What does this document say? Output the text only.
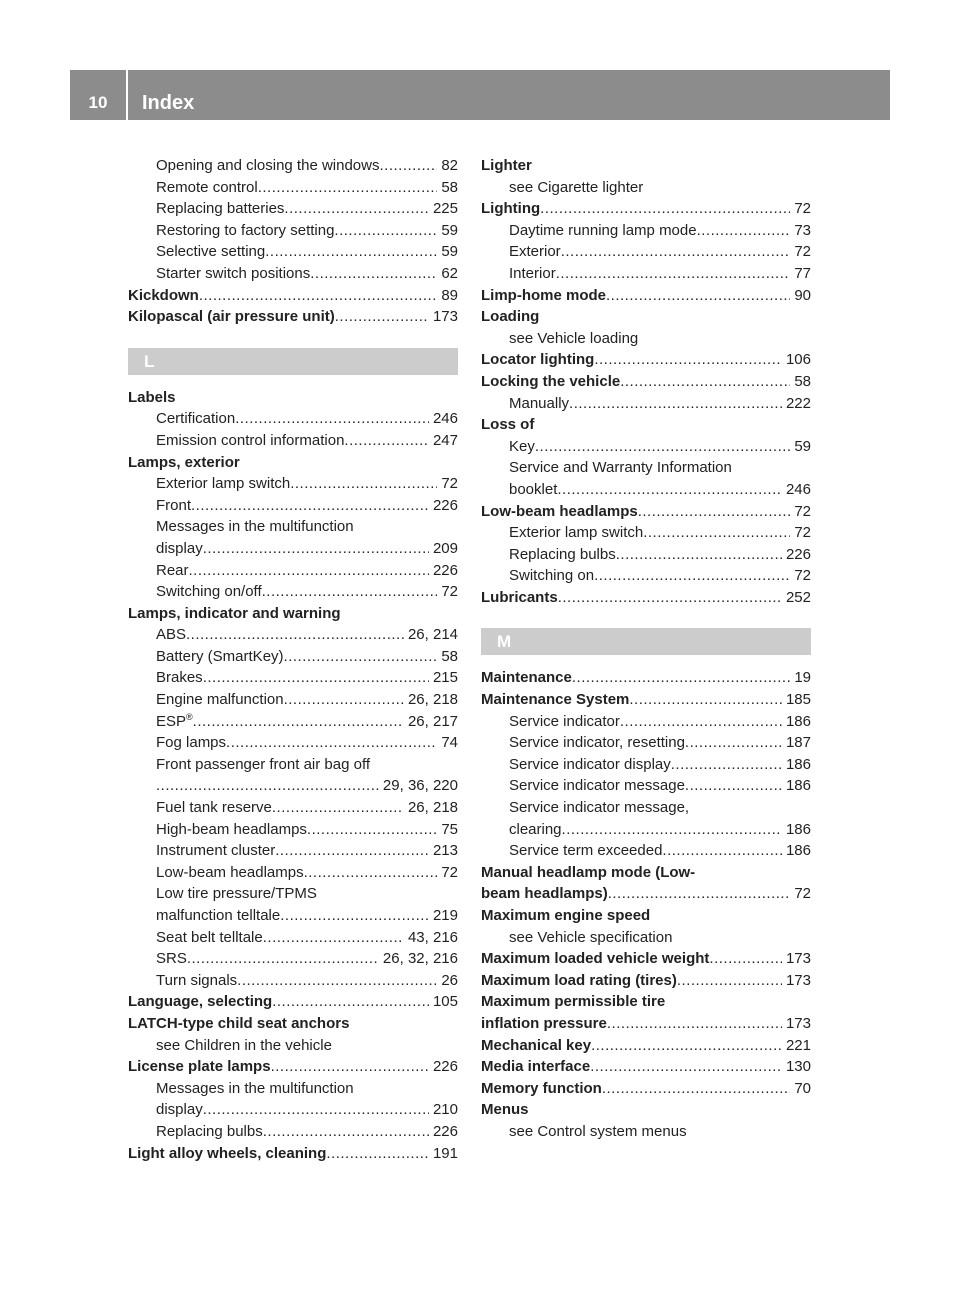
10	Index
Opening and closing the windows .....	82
Remote control .....	58
Replacing batteries .....	225
Restoring to factory setting .....	59
Selective setting .....	59
Starter switch positions .....	62
Kickdown .....	89
Kilopascal (air pressure unit) .....	173
L
Labels
Certification .....	246
Emission control information .....	247
Lamps, exterior
Exterior lamp switch .....	72
Front .....	226
Messages in the multifunction
display .....	209
Rear .....	226
Switching on/off .....	72
Lamps, indicator and warning
ABS .....	26, 214
Battery (SmartKey) .....	58
Brakes .....	215
Engine malfunction .....	26, 218
ESP® .....	26, 217
Fog lamps .....	74
Front passenger front air bag off
.....
29, 36, 220
Fuel tank reserve .....	26, 218
High-beam headlamps .....	75
Instrument cluster .....	213
Low-beam headlamps .....	72
Low tire pressure/TPMS
malfunction telltale .....	219
Seat belt telltale .....	43, 216
SRS .....	26, 32, 216
Turn signals .....	26
Language, selecting .....	105
LATCH-type child seat anchors
see Children in the vehicle
License plate lamps .....	226
Messages in the multifunction
display .....	210
Replacing bulbs .....	226
Light alloy wheels, cleaning .....	191
Lighter
see Cigarette lighter
Lighting .....	72
Daytime running lamp mode .....	73
Exterior .....	72
Interior .....	77
Limp-home mode .....	90
Loading
see Vehicle loading
Locator lighting .....	106
Locking the vehicle .....	58
Manually .....	222
Loss of
Key .....	59
Service and Warranty Information
booklet .....	246
Low-beam headlamps .....	72
Exterior lamp switch .....	72
Replacing bulbs .....	226
Switching on .....	72
Lubricants .....	252
M
Maintenance .....	19
Maintenance System .....	185
Service indicator .....	186
Service indicator, resetting .....	187
Service indicator display .....	186
Service indicator message .....	186
Service indicator message,
clearing .....	186
Service term exceeded .....	186
Manual headlamp mode (Low-
beam headlamps) .....	72
Maximum engine speed
see Vehicle specification
Maximum loaded vehicle weight .....	173
Maximum load rating (tires) .....	173
Maximum permissible tire
inflation pressure .....	173
Mechanical key .....	221
Media interface .....	130
Memory function .....	70
Menus
see Control system menus
